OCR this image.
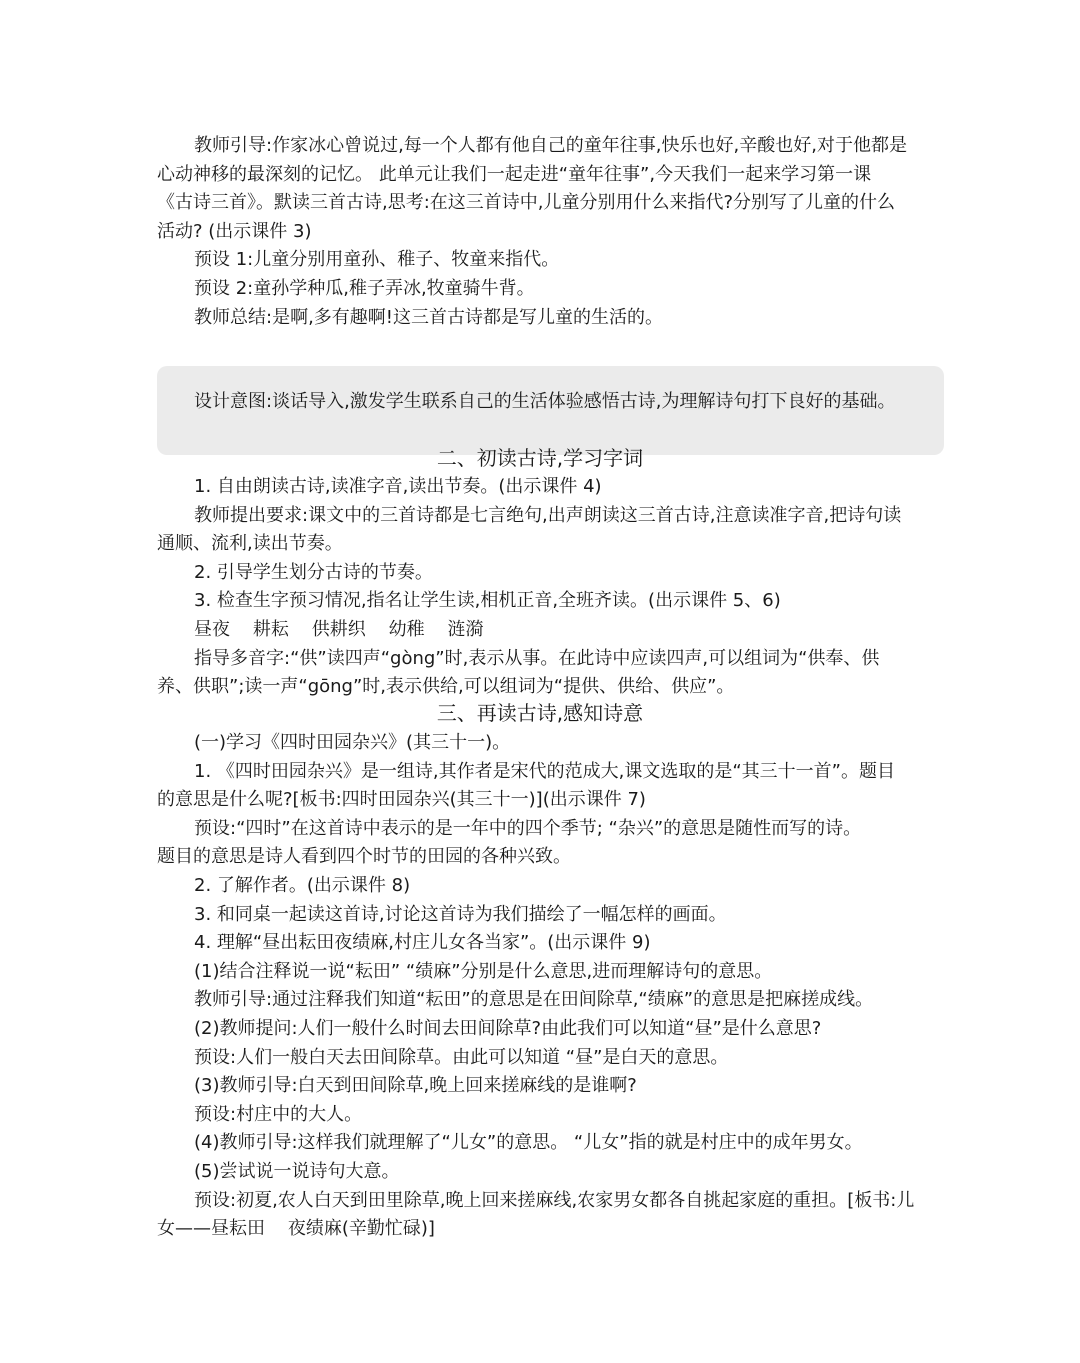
教师引导:作家冰心曾说过,每一个人都有他自己的童年往事,快乐也好,辛酸也好,对于他都是

心动神移的最深刻的记忆。 此单元让我们一起走进“童年往事”,今天我们一起来学习第一课

《古诗三首》。默读三首古诗,思考:在这三首诗中,儿童分别用什么来指代?分别写了儿童的什么

活动? (出示课件 3)

预设 1:儿童分别用童孙、稚子、牧童来指代。

预设 2:童孙学种瓜,稚子弄冰,牧童骑牛背。

教师总结:是啊,多有趣啊!这三首古诗都是写儿童的生活的。

设计意图:谈话导入,激发学生联系自己的生活体验感悟古诗,为理解诗句打下良好的基础。

二、初读古诗,学习字词

1. 自由朗读古诗,读准字音,读出节奏。(出示课件 4)

教师提出要求:课文中的三首诗都是七言绝句,出声朗读这三首古诗,注意读准字音,把诗句读

通顺、流利,读出节奏。

2. 引导学生划分古诗的节奏。

3. 检查生字预习情况,指名让学生读,相机正音,全班齐读。(出示课件 5、6)

昼夜    耕耘    供耕织    幼稚    涟漪

指导多音字:“供”读四声“gòng”时,表示从事。在此诗中应读四声,可以组词为“供奉、供

养、供职”;读一声“gōng”时,表示供给,可以组词为“提供、供给、供应”。

三、再读古诗,感知诗意

(一)学习《四时田园杂兴》(其三十一)。

1. 《四时田园杂兴》是一组诗,其作者是宋代的范成大,课文选取的是“其三十一首”。题目

的意思是什么呢?[板书:四时田园杂兴(其三十一)](出示课件 7)

预设:“四时”在这首诗中表示的是一年中的四个季节; “杂兴”的意思是随性而写的诗。

题目的意思是诗人看到四个时节的田园的各种兴致。

2. 了解作者。(出示课件 8)

3. 和同桌一起读这首诗,讨论这首诗为我们描绘了一幅怎样的画面。

4. 理解“昼出耘田夜绩麻,村庄儿女各当家”。(出示课件 9)

(1)结合注释说一说“耘田” “绩麻”分别是什么意思,进而理解诗句的意思。

教师引导:通过注释我们知道“耘田”的意思是在田间除草,“绩麻”的意思是把麻搓成线。

(2)教师提问:人们一般什么时间去田间除草?由此我们可以知道“昼”是什么意思?

预设:人们一般白天去田间除草。由此可以知道 “昼”是白天的意思。

(3)教师引导:白天到田间除草,晚上回来搓麻线的是谁啊?

预设:村庄中的大人。

(4)教师引导:这样我们就理解了“儿女”的意思。 “儿女”指的就是村庄中的成年男女。

(5)尝试说一说诗句大意。

预设:初夏,农人白天到田里除草,晚上回来搓麻线,农家男女都各自挑起家庭的重担。[板书:儿

女——昼耘田    夜绩麻(辛勤忙碌)]
